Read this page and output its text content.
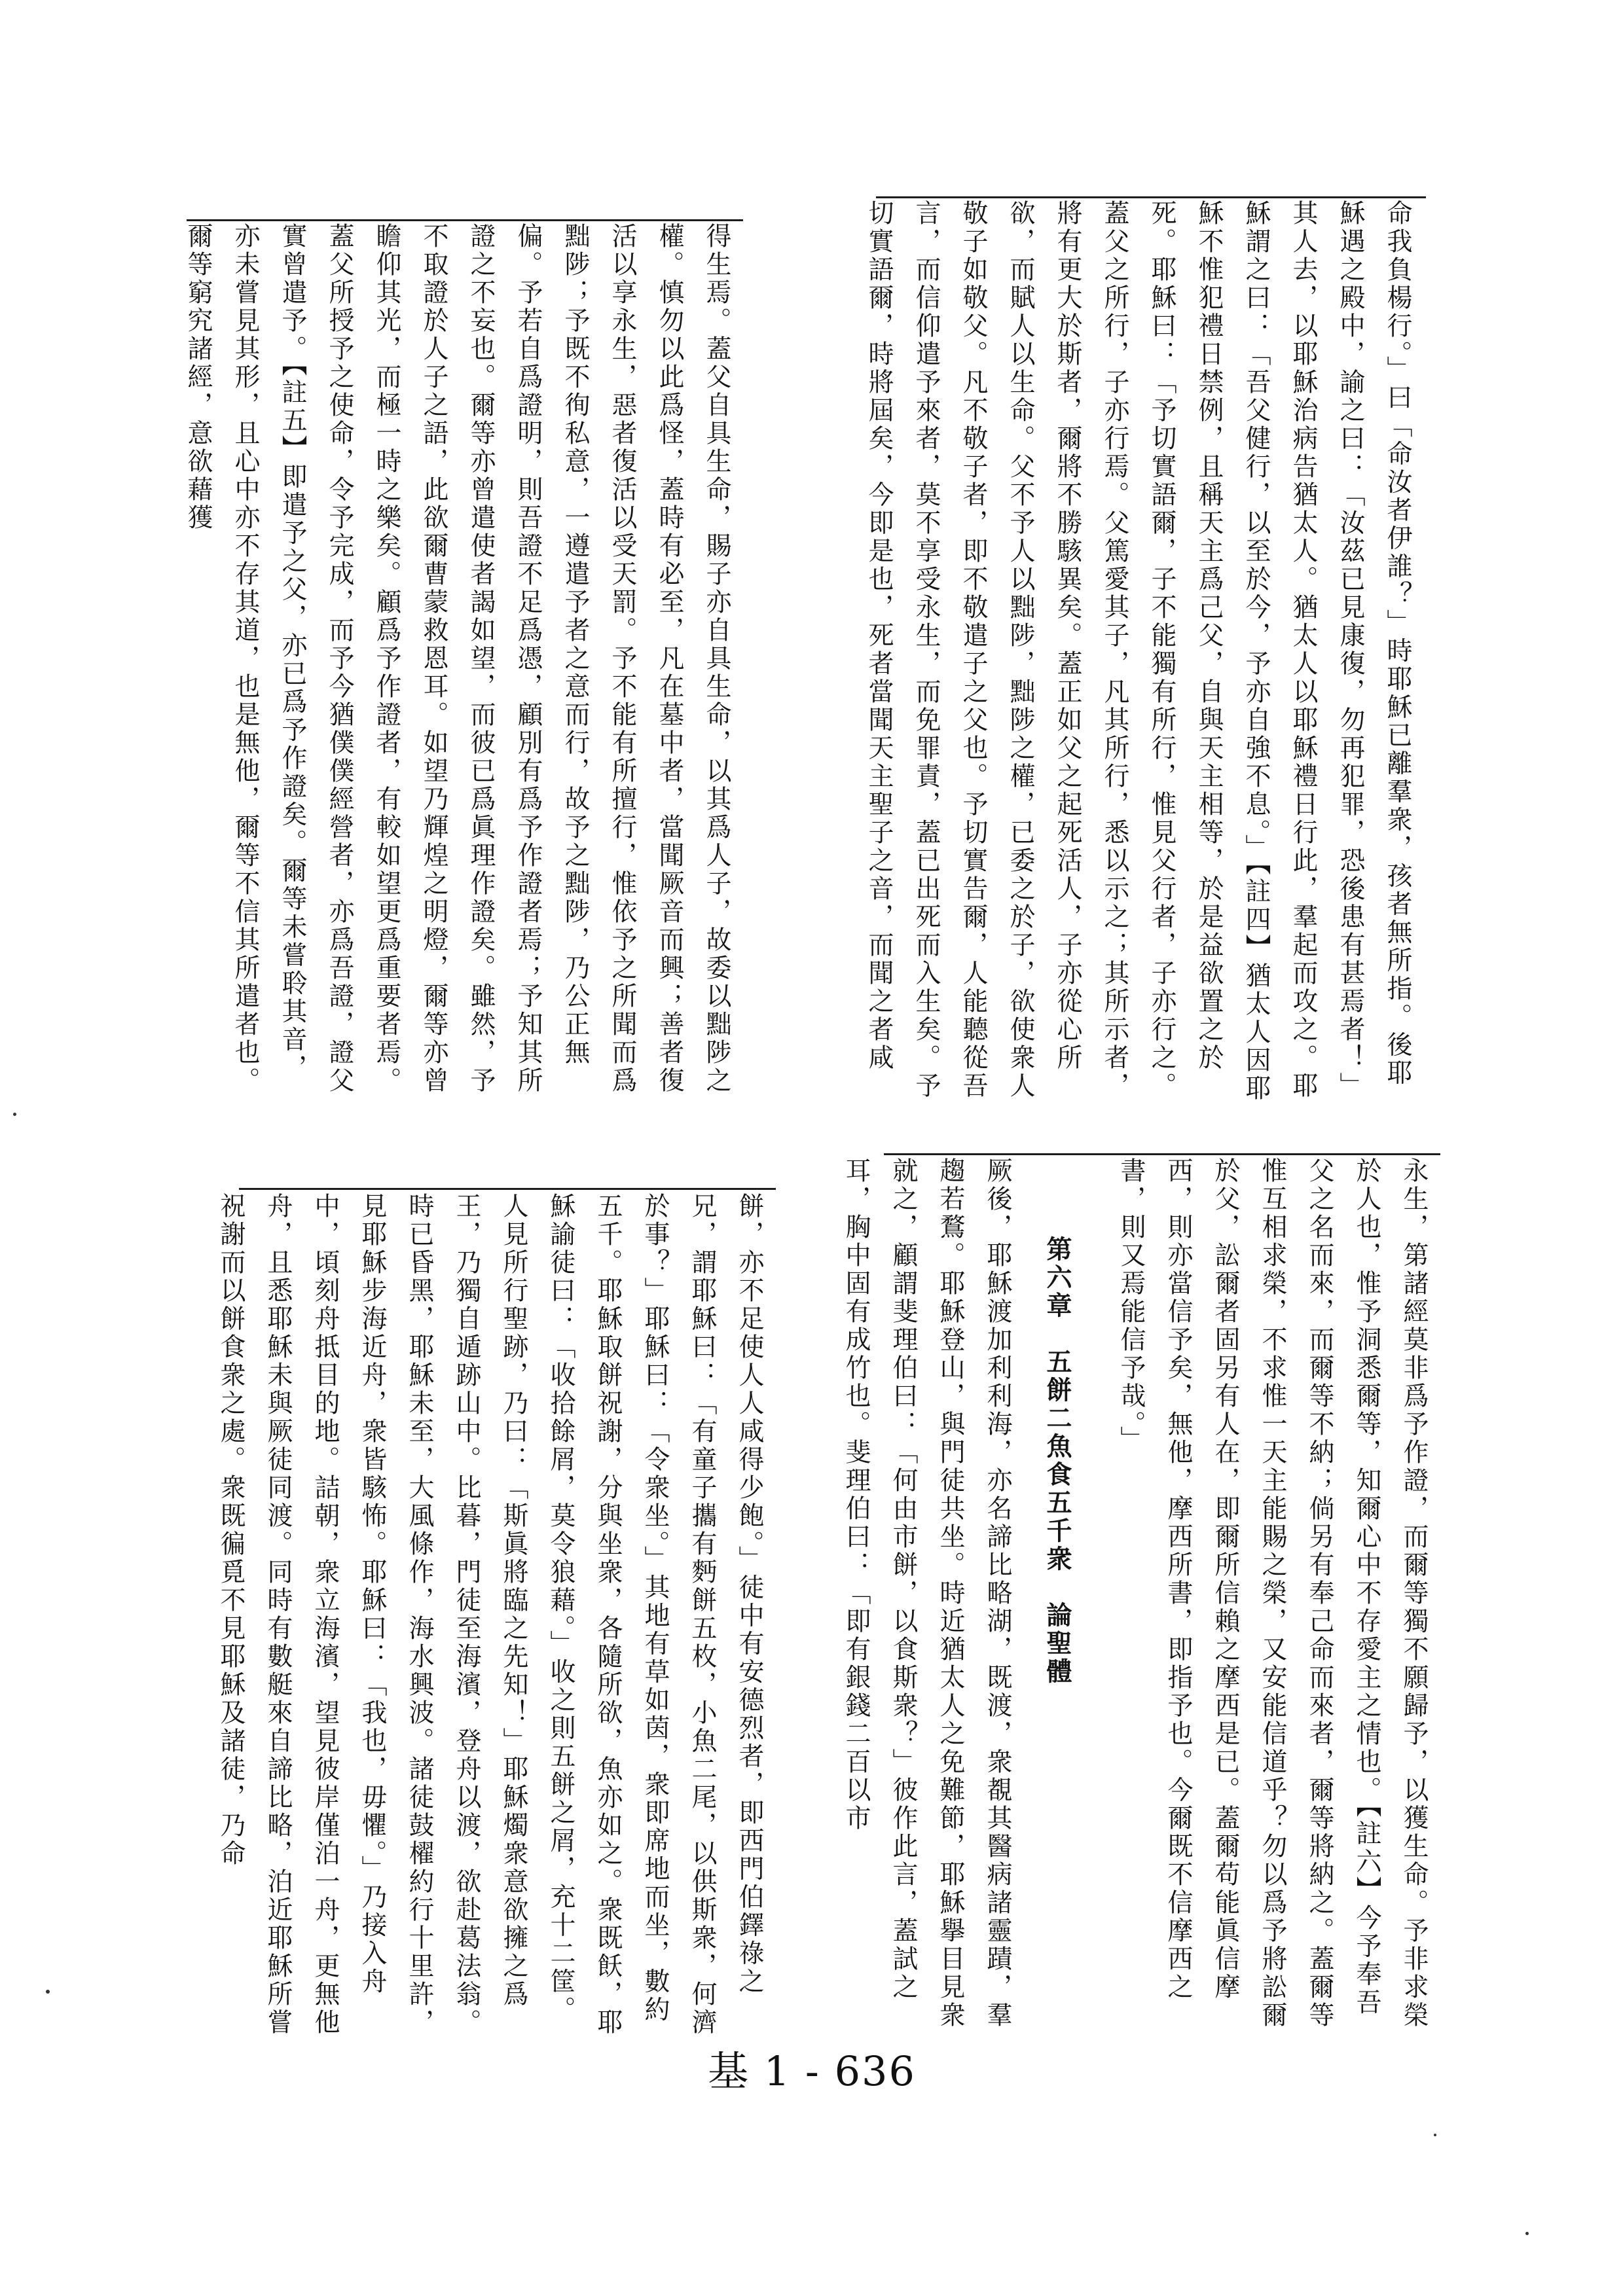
命我負楊行。」曰「命汝者伊誰？」時耶穌已離羣衆，孩者無所指。後耶穌遇之殿中，諭之曰：「汝茲已見康復，勿再犯罪，恐後患有甚焉者！」其人去，以耶穌治病告猶太人。猶太人以耶穌禮日行此，羣起而攻之。耶穌謂之曰：「吾父健行，以至於今，予亦自強不息。」【註四】猶太人因耶穌不惟犯禮日禁例，且稱天主爲己父，自與天主相等，於是益欲置之於死。耶穌曰：「予切實語爾，子不能獨有所行，惟見父行者，子亦行之。蓋父之所行，子亦行焉。父篤愛其子，凡其所行，悉以示之；其所示者，將有更大於斯者，爾將不勝駭異矣。蓋正如父之起死活人，子亦從心所欲，而賦人以生命。父不予人以黜陟，黜陟之權，已委之於子，欲使衆人敬子如敬父。凡不敬子者，即不敬遣子之父也。予切實告爾，人能聽從吾言，而信仰遣予來者，莫不享受永生，而免罪責，蓋已出死而入生矣。予切實語爾，時將屆矣，今即是也，死者當聞天主聖子之音，而聞之者咸

得生焉。蓋父自具生命，賜子亦自具生命，以其爲人子，故委以黜陟之權。慎勿以此爲怪，蓋時有必至，凡在墓中者，當聞厥音而興；善者復活以享永生，惡者復活以受天罰。予不能有所擅行，惟依予之所聞而爲黜陟；予既不徇私意，一遵遣予者之意而行，故予之黜陟，乃公正無偏。予若自爲證明，則吾證不足爲憑，顧別有爲予作證者焉；予知其所證之不妄也。爾等亦曾遣使者謁如望，而彼已爲眞理作證矣。雖然，予不取證於人子之語，此欲爾曹蒙救恩耳。如望乃輝煌之明燈，爾等亦曾瞻仰其光，而極一時之樂矣。顧爲予作證者，有較如望更爲重要者焉。蓋父所授予之使命，令予完成，而予今猶僕僕經營者，亦爲吾證，證父實曾遣予。【註五】即遣予之父，亦已爲予作證矣。爾等未嘗聆其音，亦未嘗見其形，且心中亦不存其道，也是無他，爾等不信其所遣者也。爾等窮究諸經，意欲藉獲

永生，第諸經莫非爲予作證，而爾等獨不願歸予，以獲生命。予非求榮於人也，惟予洞悉爾等，知爾心中不存愛主之情也。【註六】今予奉吾父之名而來，而爾等不納；倘另有奉己命而來者，爾等將納之。蓋爾等惟互相求榮，不求惟一天主能賜之榮，又安能信道乎？勿以爲予將訟爾於父，訟爾者固另有人在，即爾所信賴之摩西是已。蓋爾苟能眞信摩西，則亦當信予矣，無他，摩西所書，即指予也。今爾既不信摩西之書，則又焉能信予哉。」

第六章　五餅二魚食五千衆　論聖體

厥後，耶穌渡加利利海，亦名諦比略湖，既渡，衆覩其醫病諸靈蹟，羣趨若鶩。耶穌登山，與門徒共坐。時近猶太人之免難節，耶穌擧目見衆就之，顧謂斐理伯曰：「何由市餅，以食斯衆？」彼作此言，蓋試之耳，胸中固有成竹也。斐理伯曰：「即有銀錢二百以市

餅，亦不足使人人咸得少飽。」徒中有安德烈者，即西門伯鐸祿之兄，謂耶穌曰：「有童子攜有麪餅五枚，小魚二尾，以供斯衆，何濟於事？」耶穌曰：「令衆坐。」其地有草如茵，衆即席地而坐，數約五千。耶穌取餅祝謝，分與坐衆，各隨所欲，魚亦如之。衆既飫，耶穌諭徒曰：「收拾餘屑，莫令狼藉。」收之則五餅之屑，充十二筐。人見所行聖跡，乃曰：「斯眞將臨之先知！」耶穌燭衆意欲擁之爲王，乃獨自遁跡山中。比暮，門徒至海濱，登舟以渡，欲赴葛法翁。時已昏黑，耶穌未至，大風條作，海水興波。諸徒鼓櫂約行十里許，見耶穌步海近舟，衆皆駭怖。耶穌曰：「我也，毋懼。」乃接入舟中，頃刻舟抵目的地。詰朝，衆立海濱，望見彼岸僅泊一舟，更無他舟，且悉耶穌未與厥徒同渡。同時有數艇來自諦比略，泊近耶穌所嘗祝謝而以餅食衆之處。衆既徧覓不見耶穌及諸徒，乃命

基 1 - 636
